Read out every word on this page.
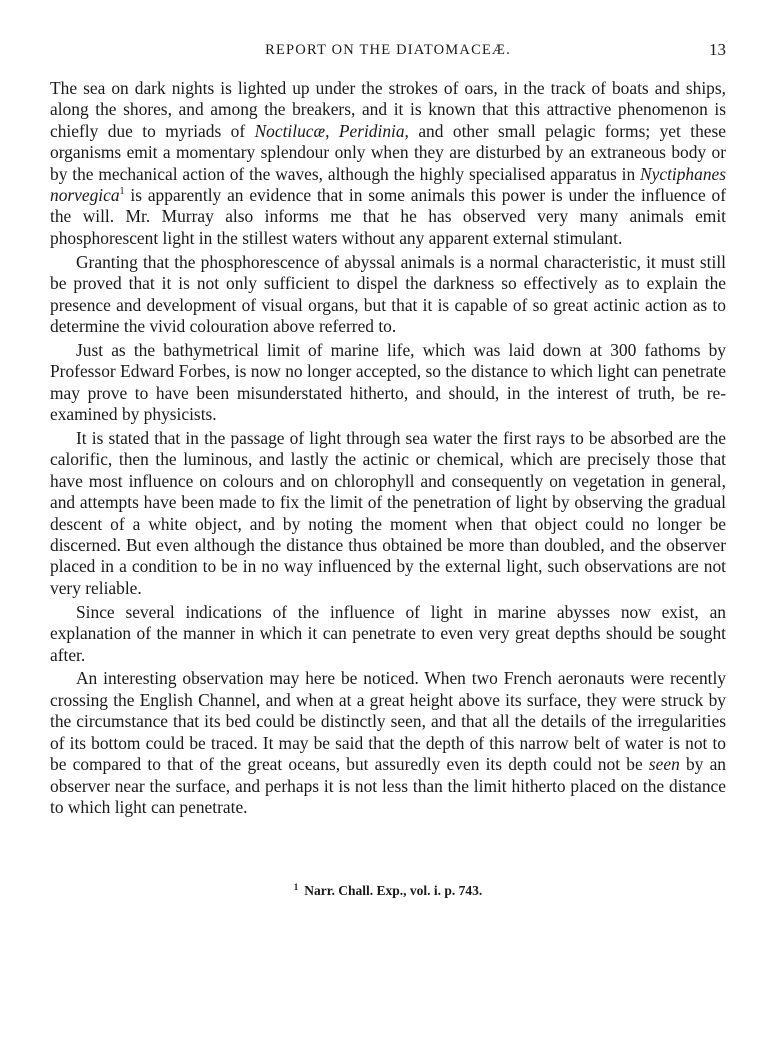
REPORT ON THE DIATOMACEÆ.	13

The sea on dark nights is lighted up under the strokes of oars, in the track of boats and ships, along the shores, and among the breakers, and it is known that this attractive phenomenon is chiefly due to myriads of Noctilucæ, Peridinia, and other small pelagic forms; yet these organisms emit a momentary splendour only when they are disturbed by an extraneous body or by the mechanical action of the waves, although the highly specialised apparatus in Nyctiphanes norvegica$^1$ is apparently an evidence that in some animals this power is under the influence of the will. Mr. Murray also informs me that he has observed very many animals emit phosphorescent light in the stillest waters without any apparent external stimulant.

Granting that the phosphorescence of abyssal animals is a normal characteristic, it must still be proved that it is not only sufficient to dispel the darkness so effectively as to explain the presence and development of visual organs, but that it is capable of so great actinic action as to determine the vivid colouration above referred to.

Just as the bathymetrical limit of marine life, which was laid down at 300 fathoms by Professor Edward Forbes, is now no longer accepted, so the distance to which light can penetrate may prove to have been misunderstated hitherto, and should, in the interest of truth, be re-examined by physicists.

It is stated that in the passage of light through sea water the first rays to be absorbed are the calorific, then the luminous, and lastly the actinic or chemical, which are precisely those that have most influence on colours and on chlorophyll and consequently on vegetation in general, and attempts have been made to fix the limit of the penetration of light by observing the gradual descent of a white object, and by noting the moment when that object could no longer be discerned. But even although the distance thus obtained be more than doubled, and the observer placed in a condition to be in no way influenced by the external light, such observations are not very reliable.

Since several indications of the influence of light in marine abysses now exist, an explanation of the manner in which it can penetrate to even very great depths should be sought after.

An interesting observation may here be noticed. When two French aeronauts were recently crossing the English Channel, and when at a great height above its surface, they were struck by the circumstance that its bed could be distinctly seen, and that all the details of the irregularities of its bottom could be traced. It may be said that the depth of this narrow belt of water is not to be compared to that of the great oceans, but assuredly even its depth could not be seen by an observer near the surface, and perhaps it is not less than the limit hitherto placed on the distance to which light can penetrate.

$^1$ Narr. Chall. Exp., vol. i. p. 743.
